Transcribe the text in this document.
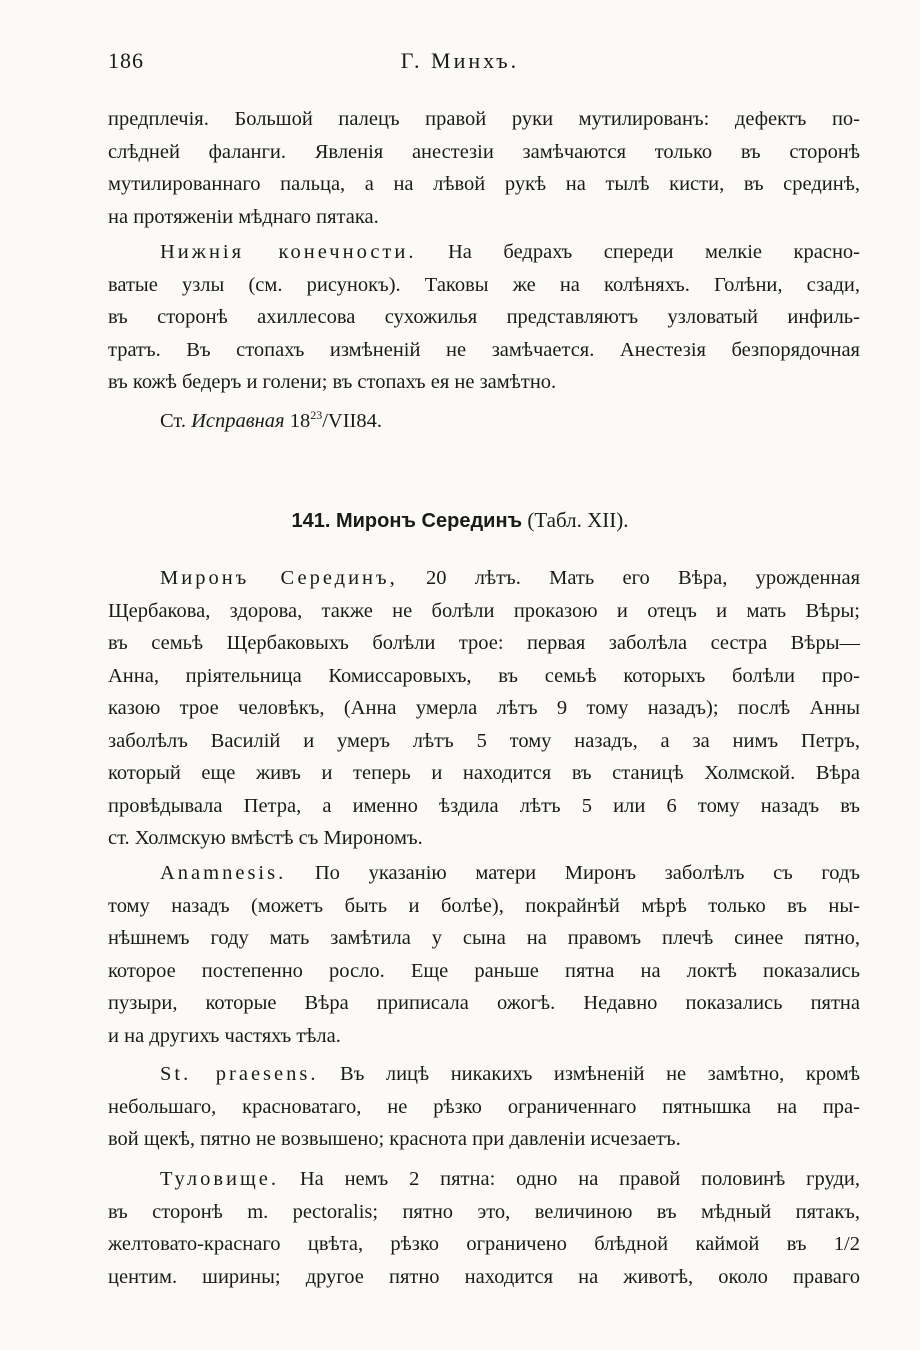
186	Г. Минхъ.
предплечія. Большой палецъ правой руки мутилированъ: дефектъ по-
слѣдней фаланги. Явленія анестезіи замѣчаются только въ сторонѣ
мутилированнаго пальца, а на лѣвой рукѣ на тылѣ кисти, въ срединѣ,
на протяженіи мѣднаго пятака.
Нижнія конечности. На бедрахъ спереди мелкіе красно-
ватые узлы (см. рисунокъ). Таковы же на колѣняхъ. Голѣни, сзади,
въ сторонѣ ахиллесова сухожилья представляютъ узловатый инфиль-
тратъ. Въ стопахъ измѣненій не замѣчается. Анестезія безпорядочная
въ кожѣ бедеръ и голени; въ стопахъ ея не замѣтно.
Ст. Исправная $18^{23}/VII84$.
141. Миронъ Серединъ (Табл. XII).
Миронъ Серединъ, 20 лѣтъ. Мать его Вѣра, урожденная
Щербакова, здорова, также не болѣли проказою и отецъ и мать Вѣры;
въ семьѣ Щербаковыхъ болѣли трое: первая заболѣла сестра Вѣры—
Анна, пріятельница Комиссаровыхъ, въ семьѣ которыхъ болѣли про-
казою трое человѣкъ, (Анна умерла лѣтъ 9 тому назадъ); послѣ Анны
заболѣлъ Василій и умеръ лѣтъ 5 тому назадъ, а за нимъ Петръ,
который еще живъ и теперь и находится въ станицѣ Холмской. Вѣра
провѣдывала Петра, а именно ѣздила лѣтъ 5 или 6 тому назадъ въ
ст. Холмскую вмѣстѣ съ Мирономъ.
Anamnesis. По указанію матери Миронъ заболѣлъ съ годъ
тому назадъ (можетъ быть и болѣе), покрайнѣй мѣрѣ только въ ны-
нѣшнемъ году мать замѣтила у сына на правомъ плечѣ синее пятно,
которое постепенно росло. Еще раньше пятна на локтѣ показались
пузыри, которые Вѣра приписала ожогѣ. Недавно показались пятна
и на другихъ частяхъ тѣла.
St. praesens. Въ лицѣ никакихъ измѣненій не замѣтно, кромѣ
небольшаго, красноватаго, не рѣзко ограниченнаго пятнышка на пра-
вой щекѣ, пятно не возвышено; краснота при давленіи исчезаетъ.
Туловище. На немъ 2 пятна: одно на правой половинѣ груди,
въ сторонѣ m. pectoralis; пятно это, величиною въ мѣдный пятакъ,
желтовато-краснаго цвѣта, рѣзко ограничено блѣдной каймой въ 1/2
центим. ширины; другое пятно находится на животѣ, около праваго
